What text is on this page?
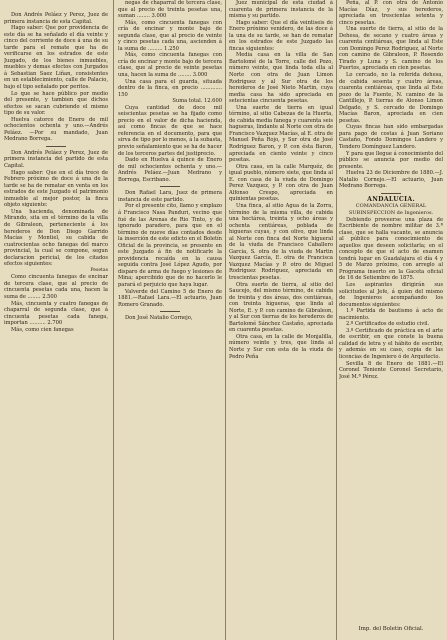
Don Andrés Peláez y Perez, Juez de primera instancia de esta Capital.

Hago saber: Que por providencia de este día se ha señalado el día veinte y cinco del corriente de doce á una de su tarde para el remate que ha de verificarse en los estrados de este Juzgado, de los bienes inmuebles, muebles y demas efectos con Jurgados á Sebastian Saez Liñan, consistentes en un establecimiento, calle de Palacio, bajo el tipo señalado por peritos.

Lo que se hace público por medio del presente, y tambien que dichos efectos se sacan cubriendo el mismo tipo de su valor.

Huelva catorce de Enero de mil ochocientos ochenta y uno.—Andrés Peláez. —Por su mandado, Juan Medrano Borrega.

Don Andrés Peláez y Perez, Juez de primera instancia del partido de esta Capital.

Hago saber: Que en el día trece de Febrero próximo de doce á una de la tarde se ha de rematar en venta en los estrados de este Juzgado el patrimonio inmueble al mejor postor, la finca objeto siguiente:

Una hacienda, denominada de Mirando, sita en el término de la villa de Gibraleon, perteneciente á los herederos de Don Diego Garrido Macías y Montiel, su cabida de cuatrocientas ocho fanegas del marco provincial, la cual se compone, segun declaracion pericial, de los citados efectos siguientes:

Pesetas

Como cincuenta fanegas de encinar de tercera clase, que al precio de cincuenta pesetas cada una, hacen la suma de ........ 2.500

Más, cincuenta y cuatro fanegas de chaparral de segunda clase, que á cincuenta pesetas cada fanega, importan .......... 2.700

Más, como cien fanegas

negas de chaparral de tercera clase, que al precio de treinta pesetas una, suman ........ 3.000

Más, como cincuenta fanegas con cría de encinar y monte bajo de segunda clase, que al precio de veinte y cinco pesetas cada una, ascienden á la suma de ......... 1.250

Más, como cincuenta fanegas con cría de encinar y monte bajo de tercera clase, que al precio de veinte pesetas una, hacen la suma de ........ 3.000

Una casa para el guarda, situada dentro de la finca, en precio ............. 150

Suma total. 12.600

Cuya cantidad de doce mil seiscientas pesetas se ha fijado como precio en el valor de dicha hacienda, así como fincas de que se hace referencia en el documento, para que sirva de tipo por lo menos, á la subasta, previo señalamiento que se ha de hacer de los terceros partes del justiprecio.

Dado en Huelva á quince de Enero de mil ochocientos ochenta y uno.—Andrés Peláez.—Juan Medrano y Borrega, Escribano.

Don Rafael Lara, Juez de primera instancia de este partido.

Por el presente cito, llamo y emplazo á Francisco Nasa Panduri, vecino que fué de las Arenas de Rio Tinto, y de ignorado paradero, para que en el término de nueve días contados desde la inserción de este edicto en el Boletín Oficial de la provincia, se presente en este Juzgado á fin de notificarle la providencia recaída en la causa seguida contra José López Agudo, por disparo de arma de fuego y lesiones de Mina; apercibido que de no hacerlo le parará el perjuicio que haya lugar.

Valverde del Camino 5 de Enero de 1881.—Rafael Lara.—El actuario, Juan Romero Granado.

Don José Natalio Cornejo,

Juez municipal de esta ciudad á cuarenta de primera instancia de la misma y su partido.

Hago saber: Que el día veintiseis de Enero próximo venidero, de las doce á la una de su tarde, se han de rematar en los estrados de este Juzgado las fincas siguientes:

Media casa en la villa de San Bartolomé de la Torre, calle del Pozo, número veinte, que linda toda ella al Norte con otra de Juan Limon Rodriguez y al Sur otra de los herederos de José Nieto Martin, cuya media casa ha sido apreciada en setecientas cincuenta pesetas.

Una suerte de tierra en igual término, al sitio Cabezas de la Huerta, de cabida media fanega y cuarenta seis hagueras, lindante al Norte con otra de Francisco Vazquez Macías, al E. otra de Manuel Peña Rojo, y Sur otra de José Rodriguez Baron, y P. con ésta Baron, apreciada en ciento veinte y cinco pesetas.

Otra casa, en la calle Marquéz, de igual pueblo, número siete, que linda al E. con casa de la viuda de Domingo Perez Vazquez, y P. con otra de Juan Alfonso Crespo, apreciada en quinientas pesetas.

Una finca, al sitio Agua de la Zorra, término de la misma villa, de cabida una hectárea, treinta y ocho áreas y ochenta centiáreas, poblada de higueras cuyas, y con olivo, que linda al Norte con finca del Norte higueral de la viuda de Francisco Caballero Garcia, S. otra de la viuda de Martin Vazquez García, E. otra de Francisca Vazquez Macías y P. otro de Miguel Rodriguez Rodriguez, apreciada en trescientas pesetas.

Otra suerte de tierra, al sitio del Saucejo, del mismo término, de cabida de treinta y dos áreas, dos centiáreas, con treinta higueras, que linda al Norte, E. y P. con camino de Gibraleon, y al Sur con tierras de los herederos de Bartolomé Sánchez Castaño, apreciada en cuarenta pesetas.

Otra casa, en la calle de Monjalilla, número veinte y tres, que linda al Norte y Sur con esta de la viuda de Pedro Peña

Peña, al P. con otra de Antonio Macías Díaz, y sus herederos, apreciada en trescientas setenta y cinco pesetas.

Una suerte de tierra, al sitio de la Dehesa, de secano y cuatro áreas y cuarenta centiáreas, que linda al Este con Domingo Perez Rodriguez, al Norte con camino de Gibraleon, P. Rosendo Tirado y Luna y S. camino de los Puertos, apreciada en cien pesetas.

Lo cercado, no la referida dehesa, de cabida sesenta y cuatro áreas, cuarenta centiáreas, que linda al Este pozo de la Fuente, N. camino de la Cantillejo, P. tierras de Alonso Limon Delgado, y S. cercado de Domingo Macías Baron, apreciada en cien pesetas.

Cuyas fincas han sido embargadas para pago de costas á Juan Soriano Castaño, Fondo Domingos Landero y Tendero Domínguez Landero.

Y para que llegue á conocimiento del público se anuncia por medio del presente.

Huelva 23 de Diciembre de 1880.—J. Natalio Cornejo.—El actuario, Juan Medrano Borrega.

ANDALUCIA.
COMANDANCIA GENERAL SUBINSPECCION de Ingenieros.

Debiendo proveerse una plaza de Escribiente de nombre militar de 3.ª clase, que se halla vacante, se anuncia al público para conocimiento de aquellos que deseen solicitarla; en el concepto de que el acto de examen tendrá lugar en Guadalajara el día 4 y 5 de Marzo próximo, con arreglo al Programa inserto en la Gaceta oficial de 16 de Setiembre de 1875.

Los aspirantes dirigirán sus solicitudes al Jefe, á quien del mismo de Ingenieros acompañando los documentos siguientes:

1.º Partida de bautismo á acto de nacimiento.

2.º Certificados de estudio civil.

3.º Certificado de práctica en el arte de escribir, en que conste la buena calidad de letra y el hábito de escribir, y además en su caso, copia de las licencias de Ingeniero ó de Arquitecto.

Sevilla 8 de Enero de 1881.—El Coronel Teniente Coronel Secretario, José M.ª Pérez.

Imp. del Boletin Oficial.
